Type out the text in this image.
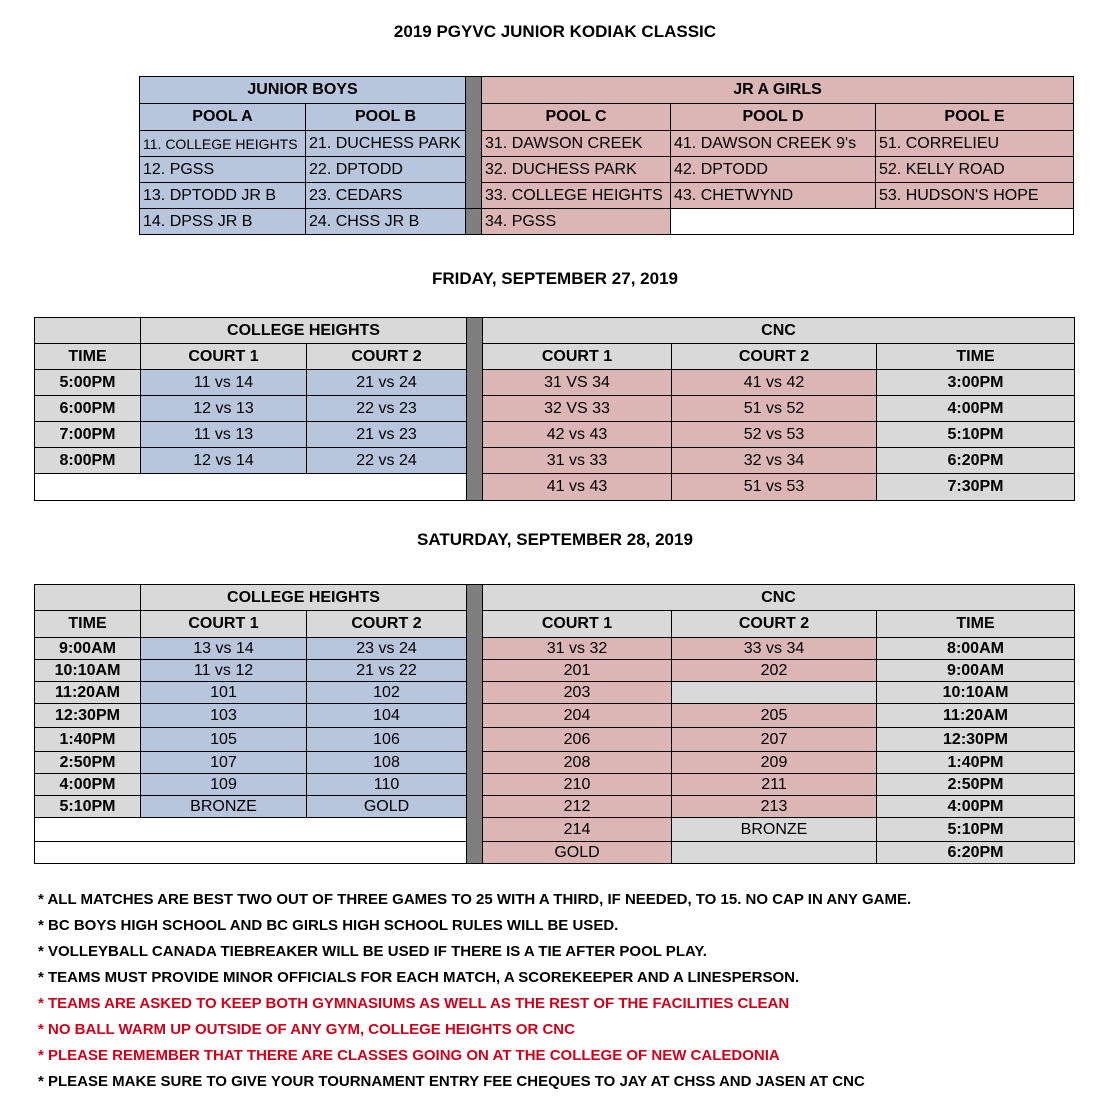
2019 PGYVC JUNIOR KODIAK CLASSIC
JUNIOR BOYS			JR A GIRLS		
POOL A	POOL B		POOL C	POOL D	POOL E
11. COLLEGE HEIGHTS	21. DUCHESS PARK		31. DAWSON CREEK	41. DAWSON CREEK 9's	51. CORRELIEU
12. PGSS	22. DPTODD		32. DUCHESS PARK	42. DPTODD	52. KELLY ROAD
13. DPTODD JR B	23. CEDARS		33. COLLEGE HEIGHTS	43. CHETWYND	53. HUDSON'S HOPE
14. DPSS JR B	24. CHSS JR B		34. PGSS		
FRIDAY, SEPTEMBER 27, 2019
	COLLEGE HEIGHTS			CNC		
TIME	COURT 1	COURT 2		COURT 1	COURT 2	TIME
5:00PM	11 vs 14	21 vs 24		31 VS 34	41 vs 42	3:00PM
6:00PM	12 vs 13	22 vs 23		32 VS 33	51 vs 52	4:00PM
7:00PM	11 vs 13	21 vs 23		42 vs 43	52 vs 53	5:10PM
8:00PM	12 vs 14	22 vs 24		31 vs 33	32 vs 34	6:20PM
				41 vs 43	51 vs 53	7:30PM
SATURDAY, SEPTEMBER 28, 2019
	COLLEGE HEIGHTS			CNC		
TIME	COURT 1	COURT 2		COURT 1	COURT 2	TIME
9:00AM	13 vs 14	23 vs 24		31 vs 32	33 vs 34	8:00AM
10:10AM	11 vs 12	21 vs 22		201	202	9:00AM
11:20AM	101	102		203		10:10AM
12:30PM	103	104		204	205	11:20AM
1:40PM	105	106		206	207	12:30PM
2:50PM	107	108		208	209	1:40PM
4:00PM	109	110		210	211	2:50PM
5:10PM	BRONZE	GOLD		212	213	4:00PM
				214	BRONZE	5:10PM
				GOLD		6:20PM
* ALL MATCHES ARE BEST TWO OUT OF THREE GAMES TO 25 WITH A THIRD, IF NEEDED, TO 15. NO CAP IN ANY GAME.
* BC BOYS HIGH SCHOOL AND BC GIRLS HIGH SCHOOL RULES WILL BE USED.
* VOLLEYBALL CANADA TIEBREAKER WILL BE USED IF THERE IS A TIE AFTER POOL PLAY.
* TEAMS MUST PROVIDE MINOR OFFICIALS FOR EACH MATCH, A SCOREKEEPER AND A LINESPERSON.
* TEAMS ARE ASKED TO KEEP BOTH GYMNASIUMS AS WELL AS THE REST OF THE FACILITIES CLEAN
* NO BALL WARM UP OUTSIDE OF ANY GYM, COLLEGE HEIGHTS OR CNC
* PLEASE REMEMBER THAT THERE ARE CLASSES GOING ON AT THE COLLEGE OF NEW CALEDONIA
* PLEASE MAKE SURE TO GIVE YOUR TOURNAMENT ENTRY FEE CHEQUES TO JAY AT CHSS AND JASEN AT CNC
